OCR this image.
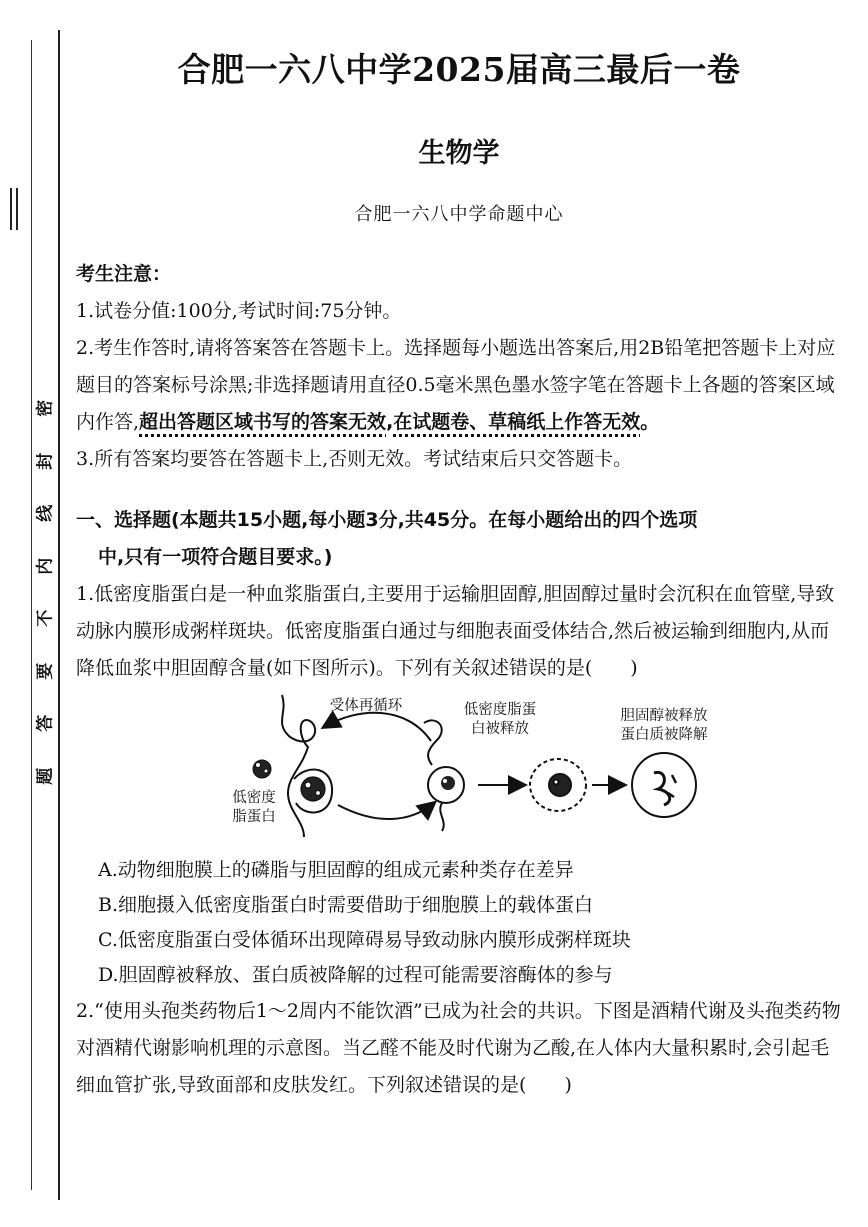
密
封
线
内
不
要
答
题
合肥一六八中学2025届高三最后一卷
生物学
合肥一六八中学命题中心
考生注意：

1.试卷分值:100分,考试时间:75分钟。

2.考生作答时,请将答案答在答题卡上。选择题每小题选出答案后,用2B铅笔把答题卡上对应题目的答案标号涂黑;非选择题请用直径0.5毫米黑色墨水签字笔在答题卡上各题的答案区域内作答,超出答题区域书写的答案无效,在试题卷、草稿纸上作答无效。

3.所有答案均要答在答题卡上,否则无效。考试结束后只交答题卡。

一、选择题(本题共15小题,每小题3分,共45分。在每小题给出的四个选项
中,只有一项符合题目要求。)

1.低密度脂蛋白是一种血浆脂蛋白,主要用于运输胆固醇,胆固醇过量时会沉积在血管壁,导致动脉内膜形成粥样斑块。低密度脂蛋白通过与细胞表面受体结合,然后被运输到细胞内,从而降低血浆中胆固醇含量(如下图所示)。下列有关叙述错误的是(　　)

受体再循环	低密度脂蛋
白被释放
胆固醇被释放
蛋白质被降解
低密度
脂蛋白

A.动物细胞膜上的磷脂与胆固醇的组成元素种类存在差异

B.细胞摄入低密度脂蛋白时需要借助于细胞膜上的载体蛋白

C.低密度脂蛋白受体循环出现障碍易导致动脉内膜形成粥样斑块

D.胆固醇被释放、蛋白质被降解的过程可能需要溶酶体的参与

2.“使用头孢类药物后1～2周内不能饮酒”已成为社会的共识。下图是酒精代谢及头孢类药物对酒精代谢影响机理的示意图。当乙醛不能及时代谢为乙酸,在人体内大量积累时,会引起毛细血管扩张,导致面部和皮肤发红。下列叙述错误的是(　　)
